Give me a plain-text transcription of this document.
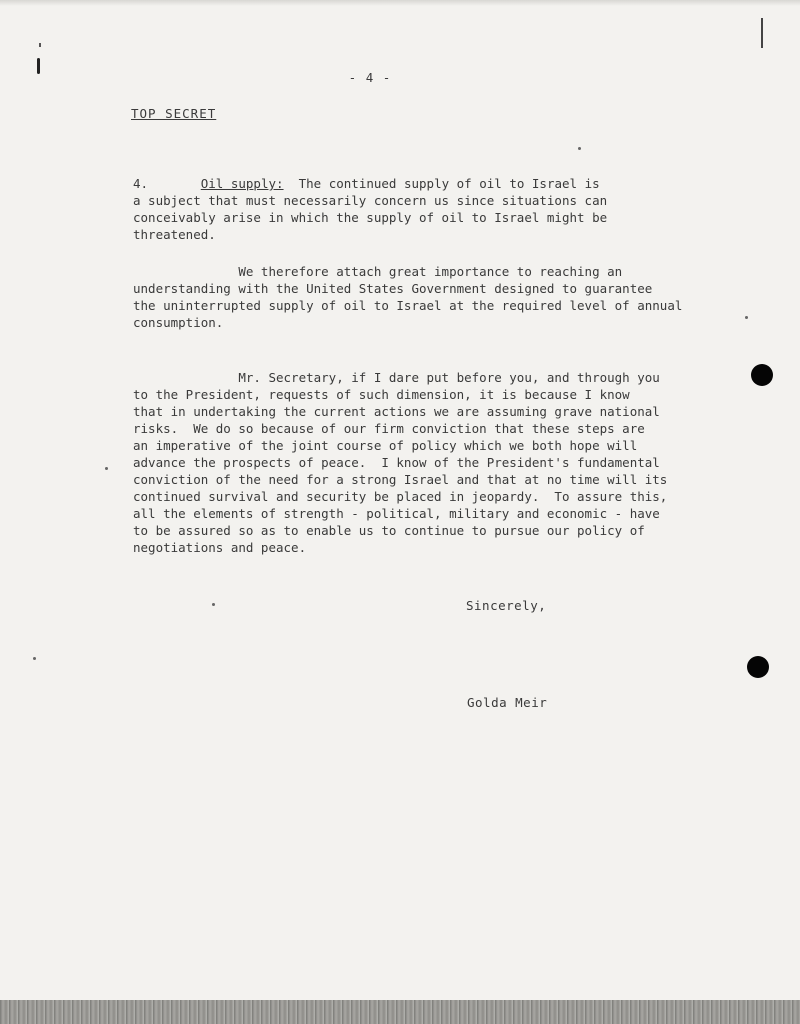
- 4 -
TOP SECRET
4.	Oil supply: The continued supply of oil to Israel is
a subject that must necessarily concern us since situations can
conceivably arise in which the supply of oil to Israel might be
threatened.
We therefore attach great importance to reaching an
understanding with the United States Government designed to guarantee
the uninterrupted supply of oil to Israel at the required level of annual
consumption.
Mr. Secretary, if I dare put before you, and through you
to the President, requests of such dimension, it is because I know
that in undertaking the current actions we are assuming grave national
risks.  We do so because of our firm conviction that these steps are
an imperative of the joint course of policy which we both hope will
advance the prospects of peace.  I know of the President's fundamental
conviction of the need for a strong Israel and that at no time will its
continued survival and security be placed in jeopardy.  To assure this,
all the elements of strength - political, military and economic - have
to be assured so as to enable us to continue to pursue our policy of
negotiations and peace.
Sincerely,
Golda Meir
